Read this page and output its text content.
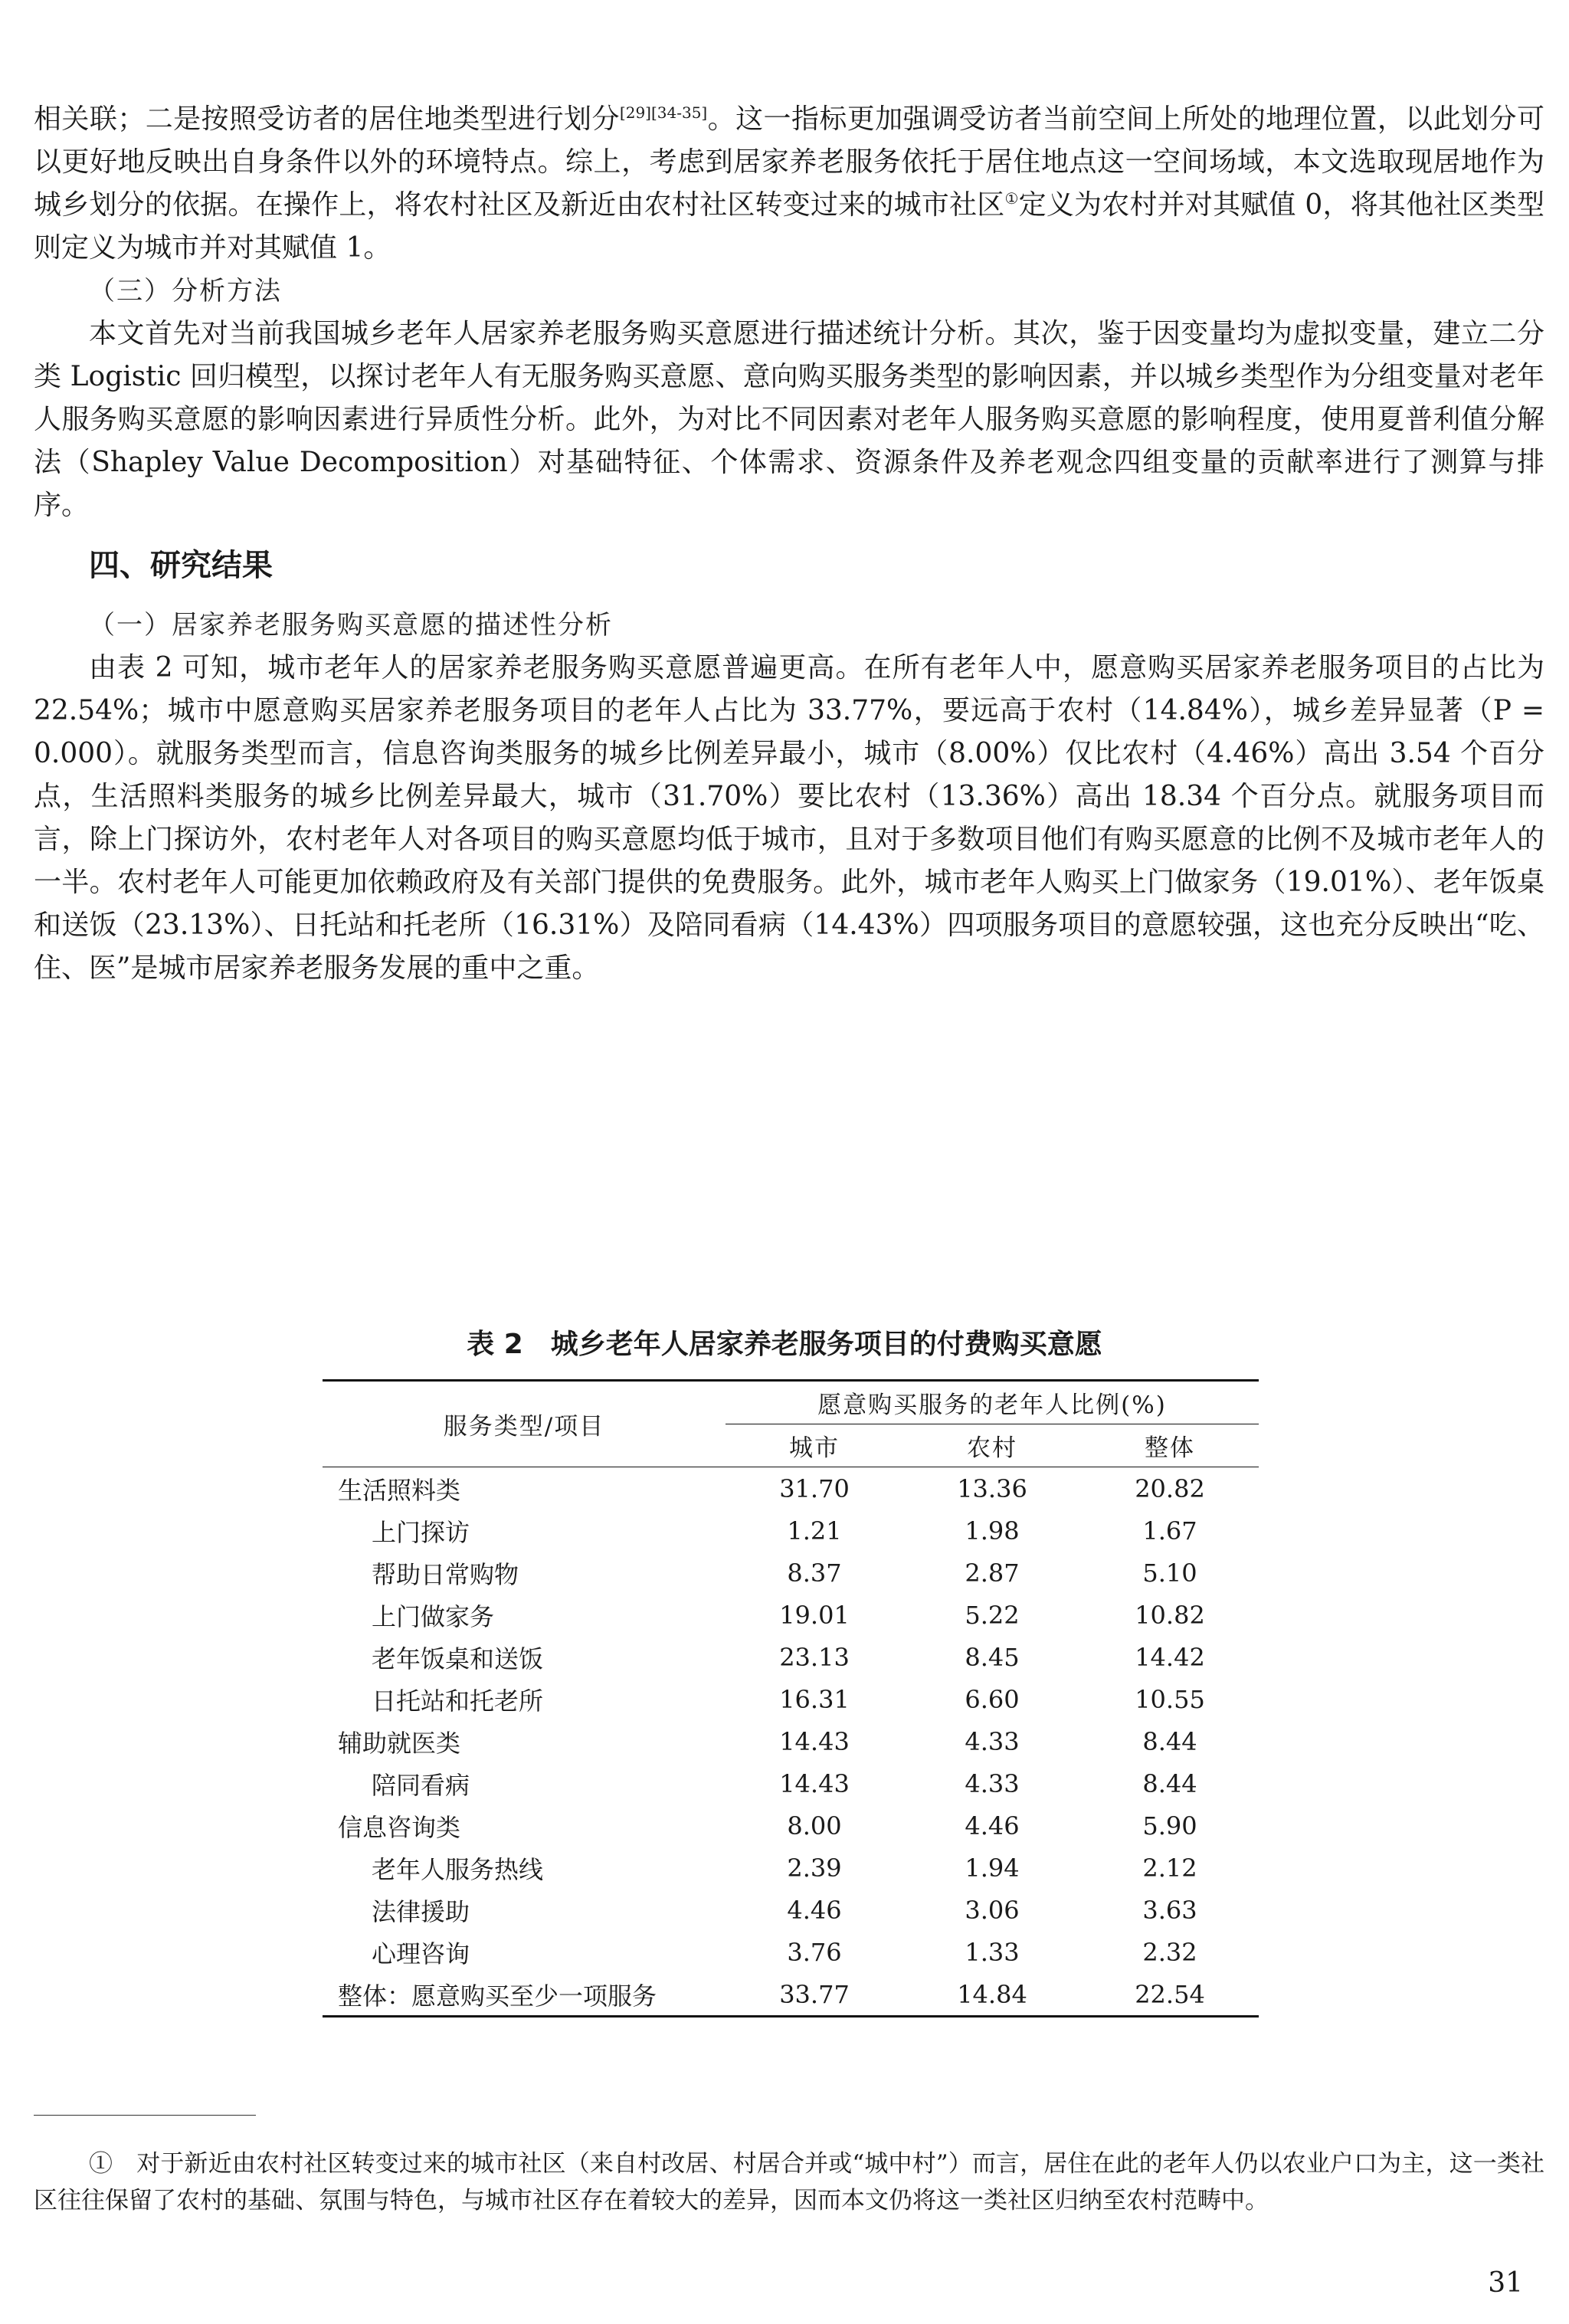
相关联；二是按照受访者的居住地类型进行划分[29][34-35]。这一指标更加强调受访者当前空间上所处的地理位置，以此划分可以更好地反映出自身条件以外的环境特点。综上，考虑到居家养老服务依托于居住地点这一空间场域，本文选取现居地作为城乡划分的依据。在操作上，将农村社区及新近由农村社区转变过来的城市社区①定义为农村并对其赋值 0，将其他社区类型则定义为城市并对其赋值 1。

（三）分析方法

本文首先对当前我国城乡老年人居家养老服务购买意愿进行描述统计分析。其次，鉴于因变量均为虚拟变量，建立二分类 Logistic 回归模型，以探讨老年人有无服务购买意愿、意向购买服务类型的影响因素，并以城乡类型作为分组变量对老年人服务购买意愿的影响因素进行异质性分析。此外，为对比不同因素对老年人服务购买意愿的影响程度，使用夏普利值分解法（Shapley Value Decomposition）对基础特征、个体需求、资源条件及养老观念四组变量的贡献率进行了测算与排序。

四、研究结果

（一）居家养老服务购买意愿的描述性分析

由表 2 可知，城市老年人的居家养老服务购买意愿普遍更高。在所有老年人中，愿意购买居家养老服务项目的占比为 22.54%；城市中愿意购买居家养老服务项目的老年人占比为 33.77%，要远高于农村（14.84%），城乡差异显著（P = 0.000）。就服务类型而言，信息咨询类服务的城乡比例差异最小，城市（8.00%）仅比农村（4.46%）高出 3.54 个百分点，生活照料类服务的城乡比例差异最大，城市（31.70%）要比农村（13.36%）高出 18.34 个百分点。就服务项目而言，除上门探访外，农村老年人对各项目的购买意愿均低于城市，且对于多数项目他们有购买愿意的比例不及城市老年人的一半。农村老年人可能更加依赖政府及有关部门提供的免费服务。此外，城市老年人购买上门做家务（19.01%）、老年饭桌和送饭（23.13%）、日托站和托老所（16.31%）及陪同看病（14.43%）四项服务项目的意愿较强，这也充分反映出“吃、住、医”是城市居家养老服务发展的重中之重。

表 2　城乡老年人居家养老服务项目的付费购买意愿
服务类型/项目	愿意购买服务的老年人比例(%)		
	城市	农村	整体
生活照料类	31.70	13.36	20.82
上门探访	1.21	1.98	1.67
帮助日常购物	8.37	2.87	5.10
上门做家务	19.01	5.22	10.82
老年饭桌和送饭	23.13	8.45	14.42
日托站和托老所	16.31	6.60	10.55
辅助就医类	14.43	4.33	8.44
陪同看病	14.43	4.33	8.44
信息咨询类	8.00	4.46	5.90
老年人服务热线	2.39	1.94	2.12
法律援助	4.46	3.06	3.63
心理咨询	3.76	1.33	2.32
整体：愿意购买至少一项服务	33.77	14.84	22.54

①　对于新近由农村社区转变过来的城市社区（来自村改居、村居合并或“城中村”）而言，居住在此的老年人仍以农业户口为主，这一类社区往往保留了农村的基础、氛围与特色，与城市社区存在着较大的差异，因而本文仍将这一类社区归纳至农村范畴中。

31
